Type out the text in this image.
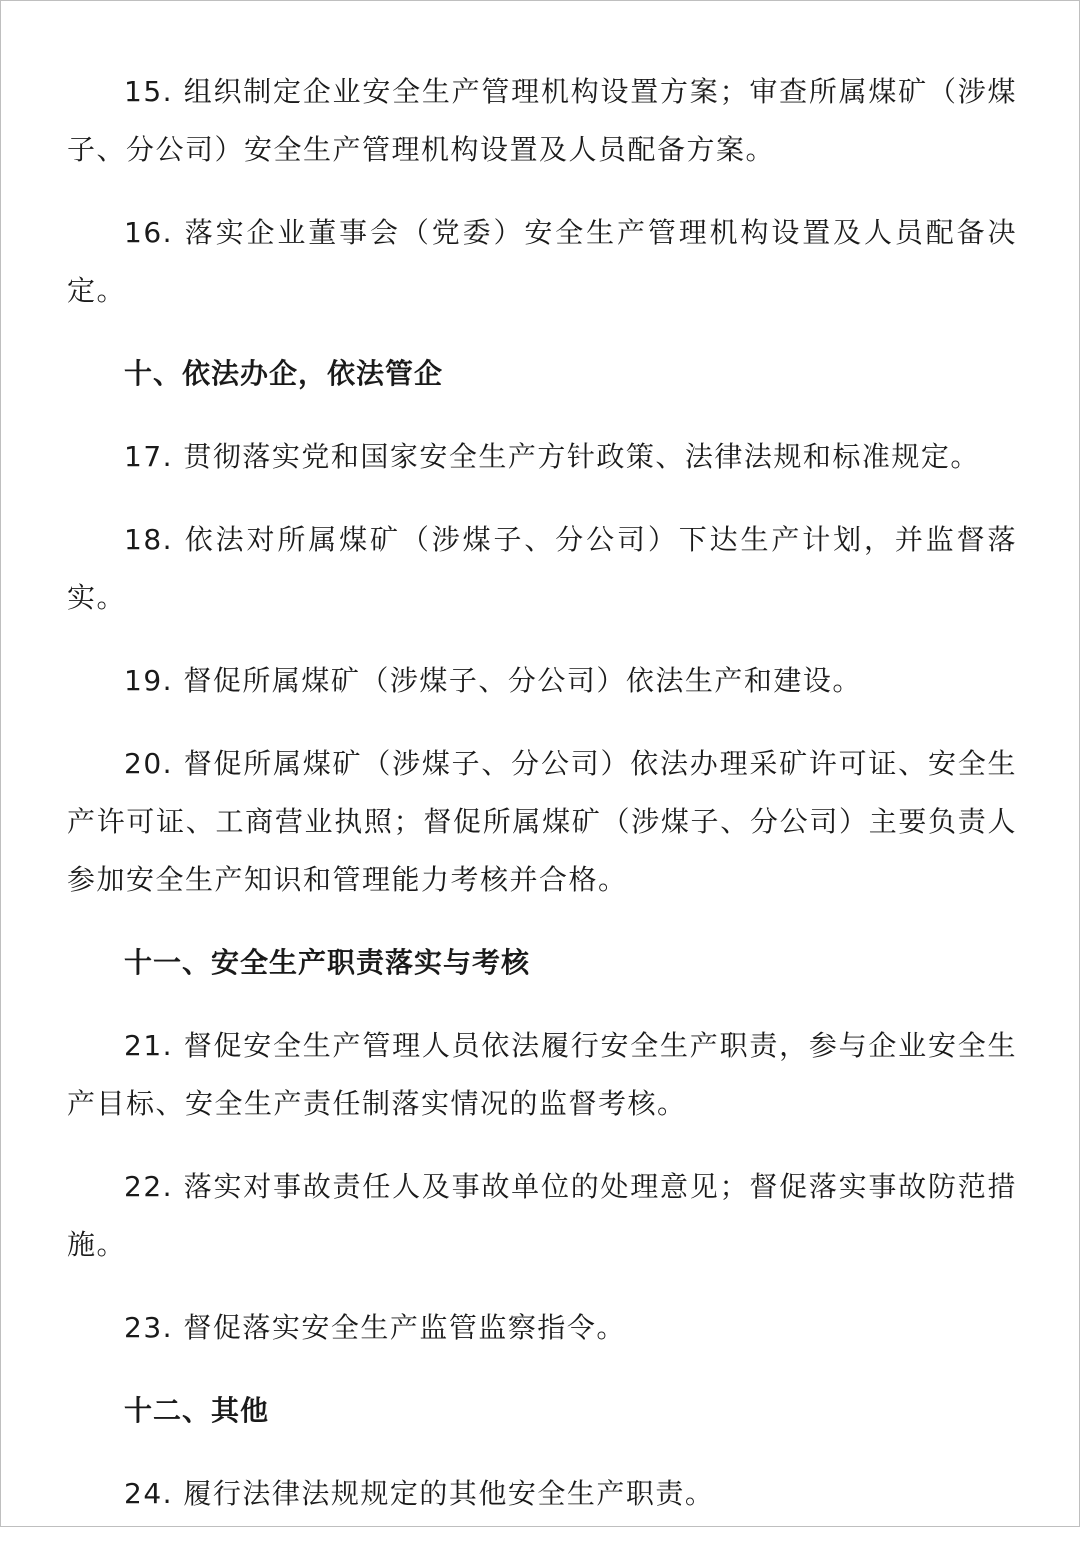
15. 组织制定企业安全生产管理机构设置方案；审查所属煤矿（涉煤子、分公司）安全生产管理机构设置及人员配备方案。

16. 落实企业董事会（党委）安全生产管理机构设置及人员配备决定。

十、依法办企，依法管企

17. 贯彻落实党和国家安全生产方针政策、法律法规和标准规定。

18. 依法对所属煤矿（涉煤子、分公司）下达生产计划，并监督落实。

19. 督促所属煤矿（涉煤子、分公司）依法生产和建设。

20. 督促所属煤矿（涉煤子、分公司）依法办理采矿许可证、安全生产许可证、工商营业执照；督促所属煤矿（涉煤子、分公司）主要负责人参加安全生产知识和管理能力考核并合格。

十一、安全生产职责落实与考核

21. 督促安全生产管理人员依法履行安全生产职责，参与企业安全生产目标、安全生产责任制落实情况的监督考核。

22. 落实对事故责任人及事故单位的处理意见；督促落实事故防范措施。

23. 督促落实安全生产监管监察指令。

十二、其他

24. 履行法律法规规定的其他安全生产职责。
